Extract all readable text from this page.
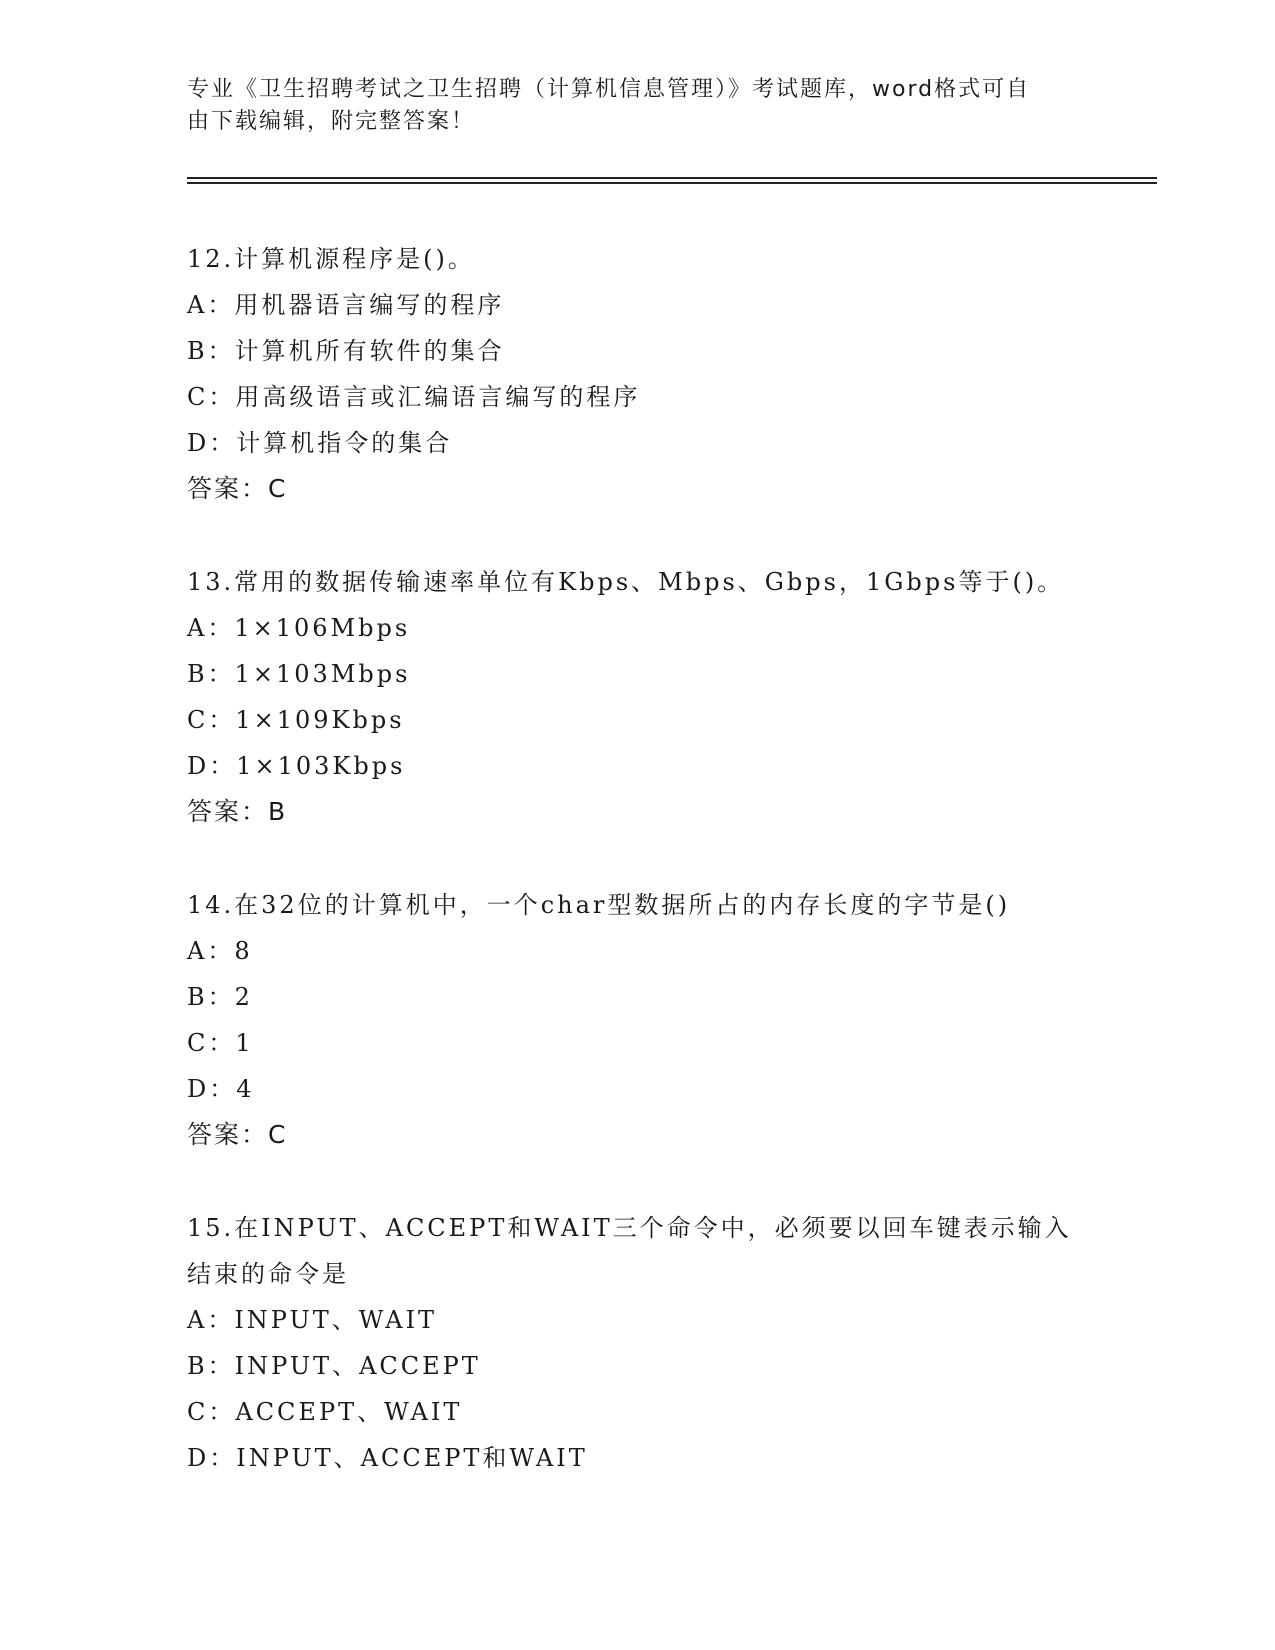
专业《卫生招聘考试之卫生招聘（计算机信息管理）》考试题库，word格式可自
由下载编辑，附完整答案！
12.计算机源程序是()。
A：用机器语言编写的程序
B：计算机所有软件的集合
C：用高级语言或汇编语言编写的程序
D：计算机指令的集合
答案：C
13.常用的数据传输速率单位有Kbps、Mbps、Gbps，1Gbps等于()。
A：1×106Mbps
B：1×103Mbps
C：1×109Kbps
D：1×103Kbps
答案：B
14.在32位的计算机中，一个char型数据所占的内存长度的字节是()
A：8
B：2
C：1
D：4
答案：C
15.在INPUT、ACCEPT和WAIT三个命令中，必须要以回车键表示输入
结束的命令是
A：INPUT、WAIT
B：INPUT、ACCEPT
C：ACCEPT、WAIT
D：INPUT、ACCEPT和WAIT
